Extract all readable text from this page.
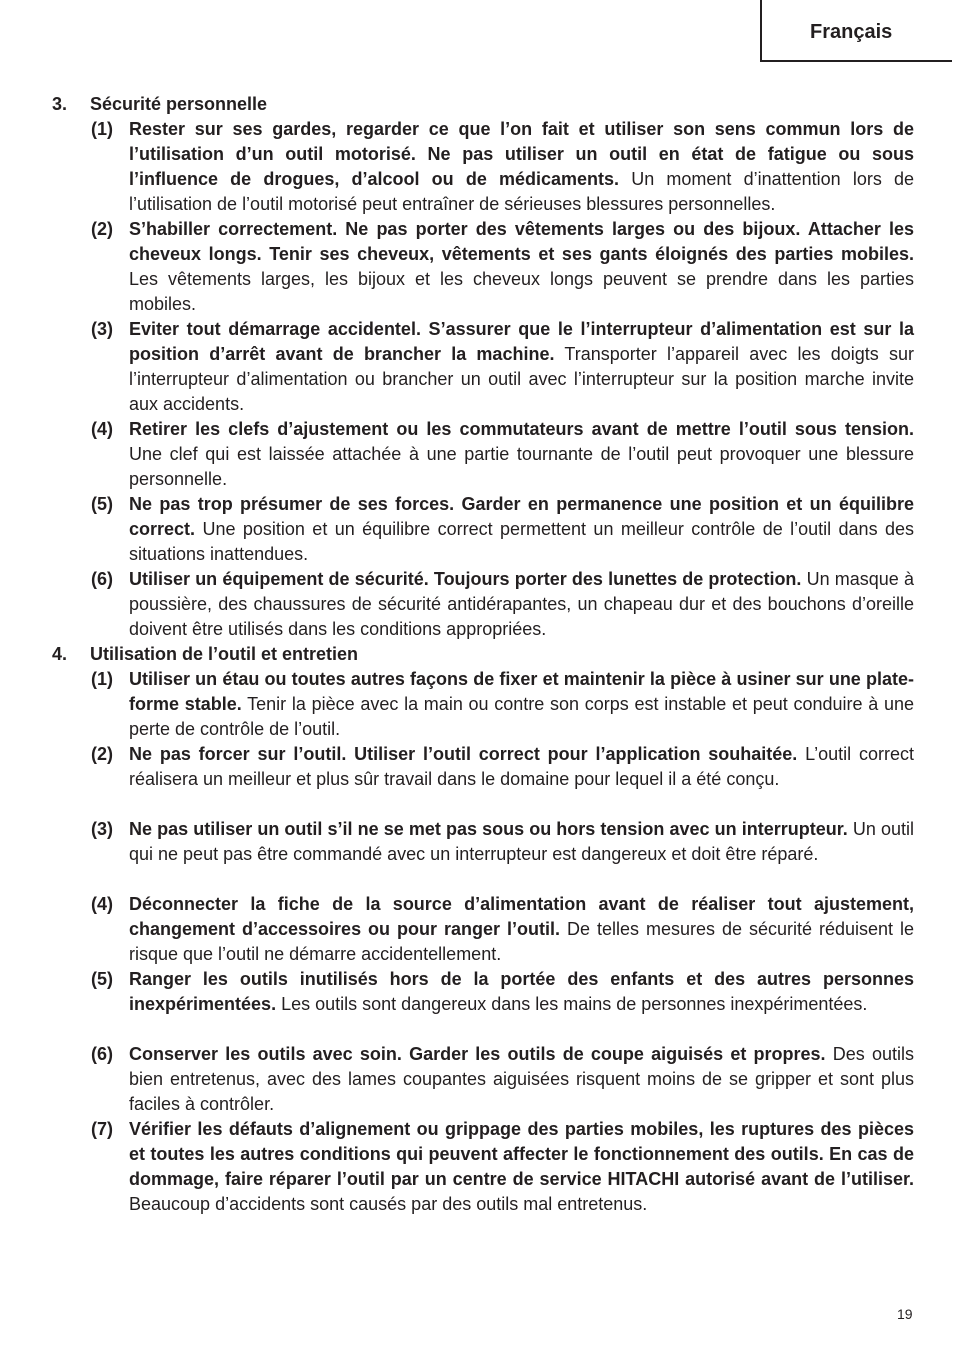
Français
3. Sécurité personnelle
(1) Rester sur ses gardes, regarder ce que l’on fait et utiliser son sens commun lors de l’utilisation d’un outil motorisé. Ne pas utiliser un outil en état de fatigue ou sous l’influence de drogues, d’alcool ou de médicaments. Un moment d’inattention lors de l’utilisation de l’outil motorisé peut entraîner de sérieuses blessures personnelles.
(2) S’habiller correctement. Ne pas porter des vêtements larges ou des bijoux. Attacher les cheveux longs. Tenir ses cheveux, vêtements et ses gants éloignés des parties mobiles. Les vêtements larges, les bijoux et les cheveux longs peuvent se prendre dans les parties mobiles.
(3) Eviter tout démarrage accidentel. S’assurer que le l’interrupteur d’alimentation est sur la position d’arrêt avant de brancher la machine. Transporter l’appareil avec les doigts sur l’interrupteur d’alimentation ou brancher un outil avec l’interrupteur sur la position marche invite aux accidents.
(4) Retirer les clefs d’ajustement ou les commutateurs avant de mettre l’outil sous tension. Une clef qui est laissée attachée à une partie tournante de l’outil peut provoquer une blessure personnelle.
(5) Ne pas trop présumer de ses forces. Garder en permanence une position et un équilibre correct. Une position et un équilibre correct permettent un meilleur contrôle de l’outil dans des situations inattendues.
(6) Utiliser un équipement de sécurité. Toujours porter des lunettes de protection. Un masque à poussière, des chaussures de sécurité antidérapantes, un chapeau dur et des bouchons d’oreille doivent être utilisés dans les conditions appropriées.
4. Utilisation de l’outil et entretien
(1) Utiliser un étau ou toutes autres façons de fixer et maintenir la pièce à usiner sur une plate-forme stable. Tenir la pièce avec la main ou contre son corps est instable et peut conduire à une perte de contrôle de l’outil.
(2) Ne pas forcer sur l’outil. Utiliser l’outil correct pour l’application souhaitée. L’outil correct réalisera un meilleur et plus sûr travail dans le domaine pour lequel il a été conçu.
(3) Ne pas utiliser un outil s’il ne se met pas sous ou hors tension avec un interrupteur. Un outil qui ne peut pas être commandé avec un interrupteur est dangereux et doit être réparé.
(4) Déconnecter la fiche de la source d’alimentation avant de réaliser tout ajustement, changement d’accessoires ou pour ranger l’outil. De telles mesures de sécurité réduisent le risque que l’outil ne démarre accidentellement.
(5) Ranger les outils inutilisés hors de la portée des enfants et des autres personnes inexpérimentées. Les outils sont dangereux dans les mains de personnes inexpérimentées.
(6) Conserver les outils avec soin. Garder les outils de coupe aiguisés et propres. Des outils bien entretenus, avec des lames coupantes aiguisées risquent moins de se gripper et sont plus faciles à contrôler.
(7) Vérifier les défauts d’alignement ou grippage des parties mobiles, les ruptures des pièces et toutes les autres conditions qui peuvent affecter le fonctionnement des outils. En cas de dommage, faire réparer l’outil par un centre de service HITACHI autorisé avant de l’utiliser. Beaucoup d’accidents sont causés par des outils mal entretenus.
19
